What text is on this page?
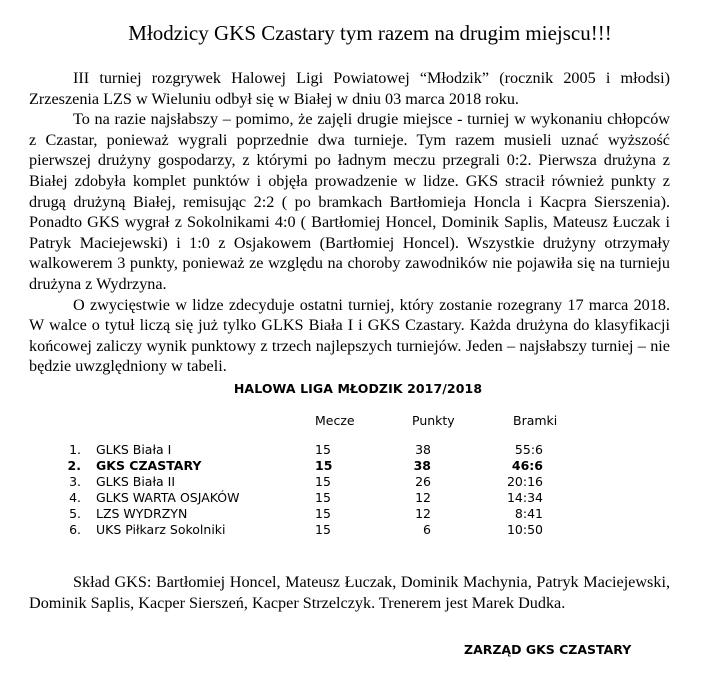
Młodzicy GKS Czastary tym razem na drugim miejscu!!!

III turniej rozgrywek Halowej Ligi Powiatowej “Młodzik” (rocznik 2005 i młodsi) Zrzeszenia LZS w Wieluniu odbył się w Białej w dniu 03 marca 2018 roku.

To na razie najsłabszy – pomimo, że zajęli drugie miejsce - turniej w wykonaniu chłopców z Czastar, ponieważ wygrali poprzednie dwa turnieje. Tym razem musieli uznać wyższość pierwszej drużyny gospodarzy, z którymi po ładnym meczu przegrali 0:2. Pierwsza drużyna z Białej zdobyła komplet punktów i objęła prowadzenie w lidze. GKS stracił również punkty z drugą drużyną Białej, remisując 2:2 ( po bramkach Bartłomieja Honcla i Kacpra Sierszenia). Ponadto GKS wygrał z Sokolnikami 4:0 ( Bartłomiej Honcel, Dominik Saplis, Mateusz Łuczak i Patryk Maciejewski) i 1:0 z Osjakowem (Bartłomiej Honcel). Wszystkie drużyny otrzymały walkowerem 3 punkty, ponieważ ze względu na choroby zawodników nie pojawiła się na turnieju drużyna z Wydrzyna.

O zwycięstwie w lidze zdecyduje ostatni turniej, który zostanie rozegrany 17 marca 2018. W walce o tytuł liczą się już tylko GLKS Biała I i GKS Czastary. Każda drużyna do klasyfikacji końcowej zaliczy wynik punktowy z trzech najlepszych turniejów. Jeden – najsłabszy turniej – nie będzie uwzględniony w tabeli.

HALOWA LIGA MŁODZIK 2017/2018
Mecze	Punkty	Bramki
1. GLKS Biała I	15	38	55:6
2. GKS CZASTARY	15	38	46:6
3. GLKS Biała II	15	26	20:16
4. GLKS WARTA OSJAKÓW	15	12	14:34
5. LZS WYDRZYN	15	12	8:41
6. UKS Piłkarz Sokolniki	15	6	10:50

Skład GKS: Bartłomiej Honcel, Mateusz Łuczak, Dominik Machynia, Patryk Maciejewski, Dominik Saplis, Kacper Sierszeń, Kacper Strzelczyk. Trenerem jest Marek Dudka.

ZARZĄD GKS CZASTARY
